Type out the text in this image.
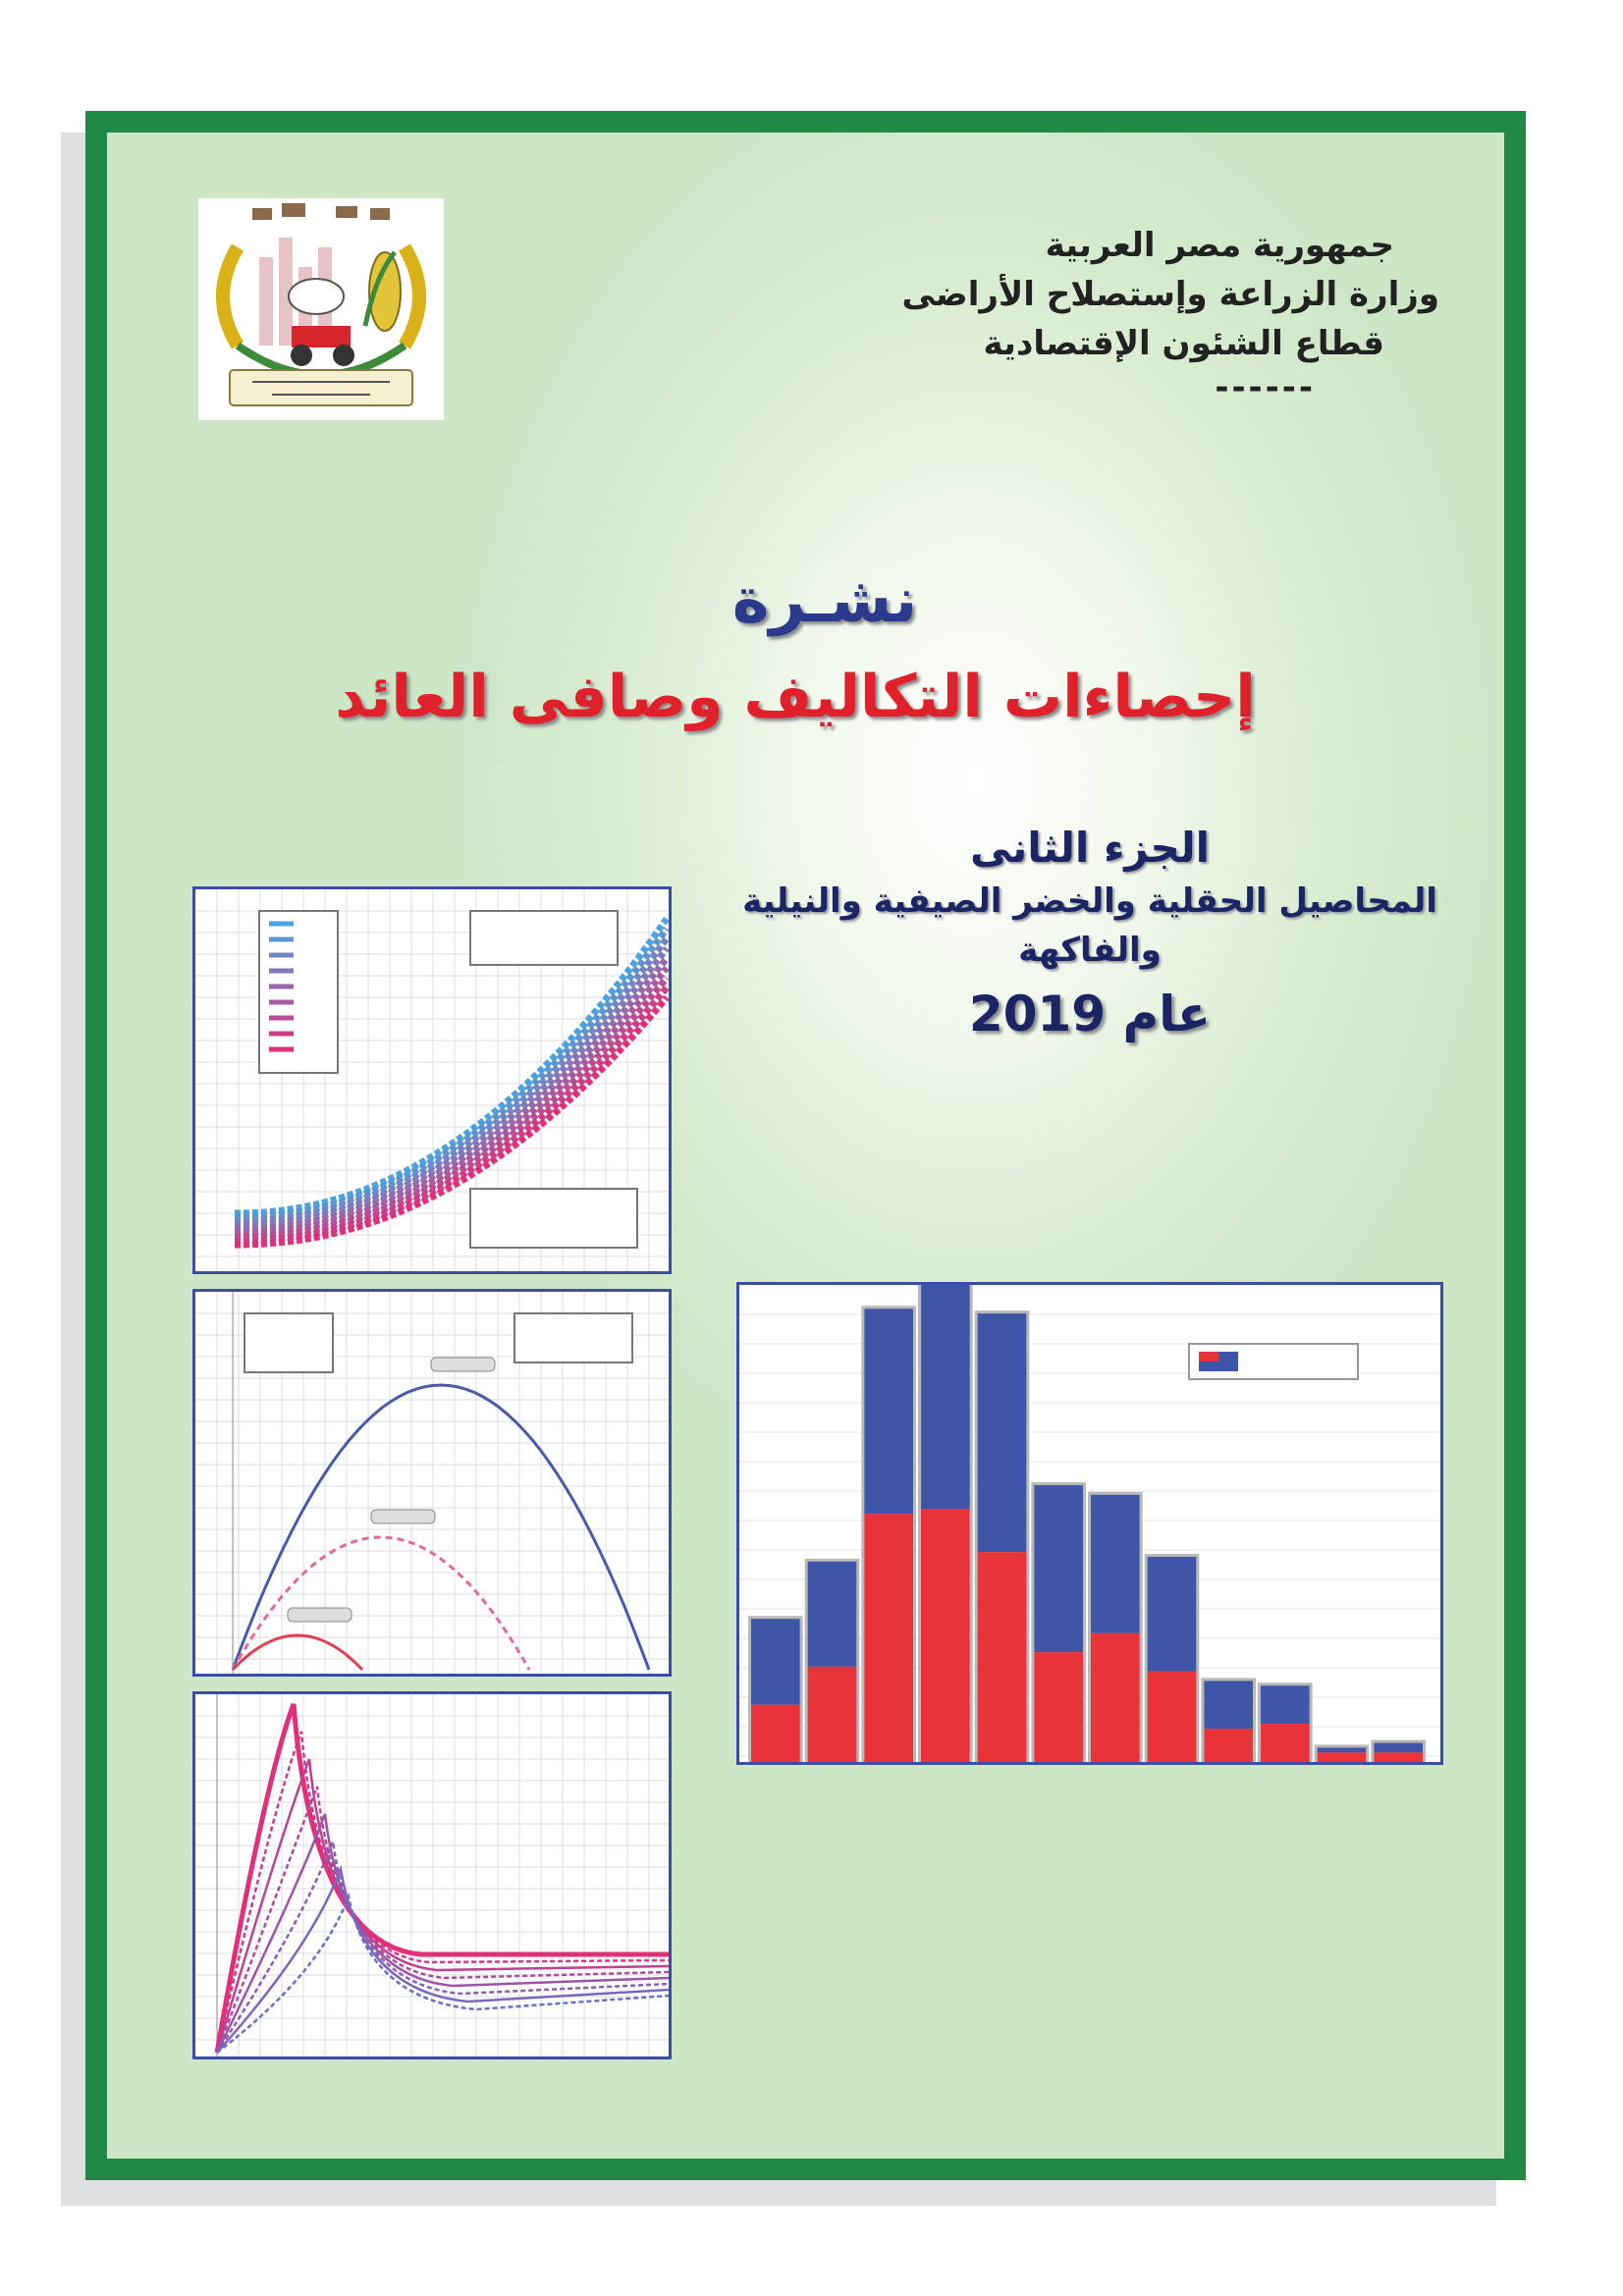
جمهورية مصر العربية
وزارة الزراعة وإستصلاح الأراضى
قطاع الشئون الإقتصادية
------
نشـرة
إحصاءات التكاليف وصافى العائد
الجزء الثانى
المحاصيل الحقلية والخضر الصيفية والنيلية
والفاكهة
عام 2019
